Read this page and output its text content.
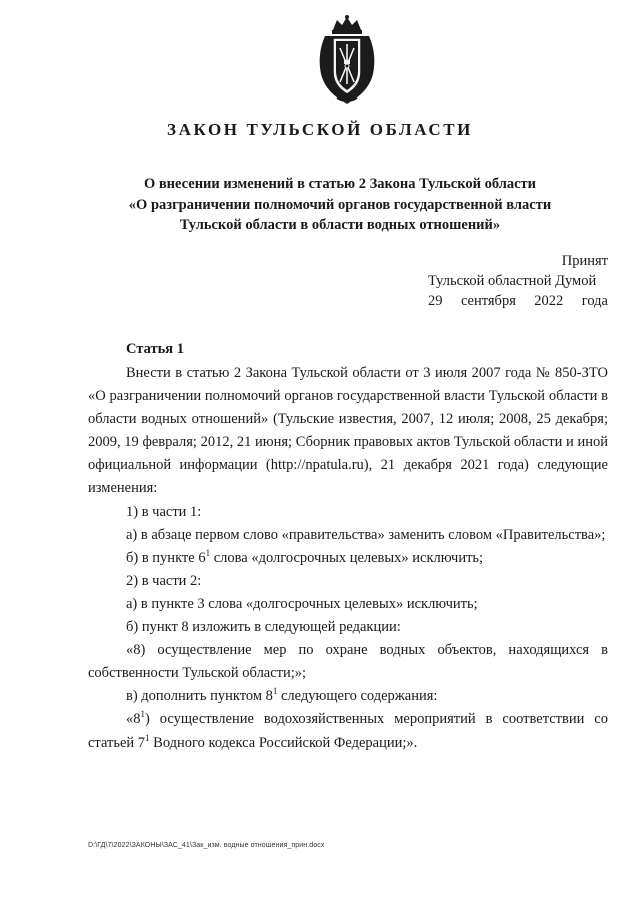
ЗАКОН ТУЛЬСКОЙ ОБЛАСТИ
О внесении изменений в статью 2 Закона Тульской области
«О разграничении полномочий органов государственной власти
Тульской области в области водных отношений»
Принят
Тульской областной Думой
29 сентября 2022 года
Статья 1

Внести в статью 2 Закона Тульской области от 3 июля 2007 года № 850-ЗТО «О разграничении полномочий органов государственной власти Тульской области в области водных отношений» (Тульские известия, 2007, 12 июля; 2008, 25 декабря; 2009, 19 февраля; 2012, 21 июня; Сборник правовых актов Тульской области и иной официальной информации (http://npatula.ru), 21 декабря 2021 года) следующие изменения:

1) в части 1:

а) в абзаце первом слово «правительства» заменить словом «Правительства»;

б) в пункте $6^1$ слова «долгосрочных целевых» исключить;

2) в части 2:

а) в пункте 3 слова «долгосрочных целевых» исключить;

б) пункт 8 изложить в следующей редакции:

«8) осуществление мер по охране водных объектов, находящихся в собственности Тульской области;»;

в) дополнить пунктом $8^1$ следующего содержания:

«$8^1$) осуществление водохозяйственных мероприятий в соответствии со статьей $7^1$ Водного кодекса Российской Федерации;».

D:\ГД\7\2022\ЗАКОНЫ\ЗАС_41\Зак_изм. водные отношения_прин.docx
